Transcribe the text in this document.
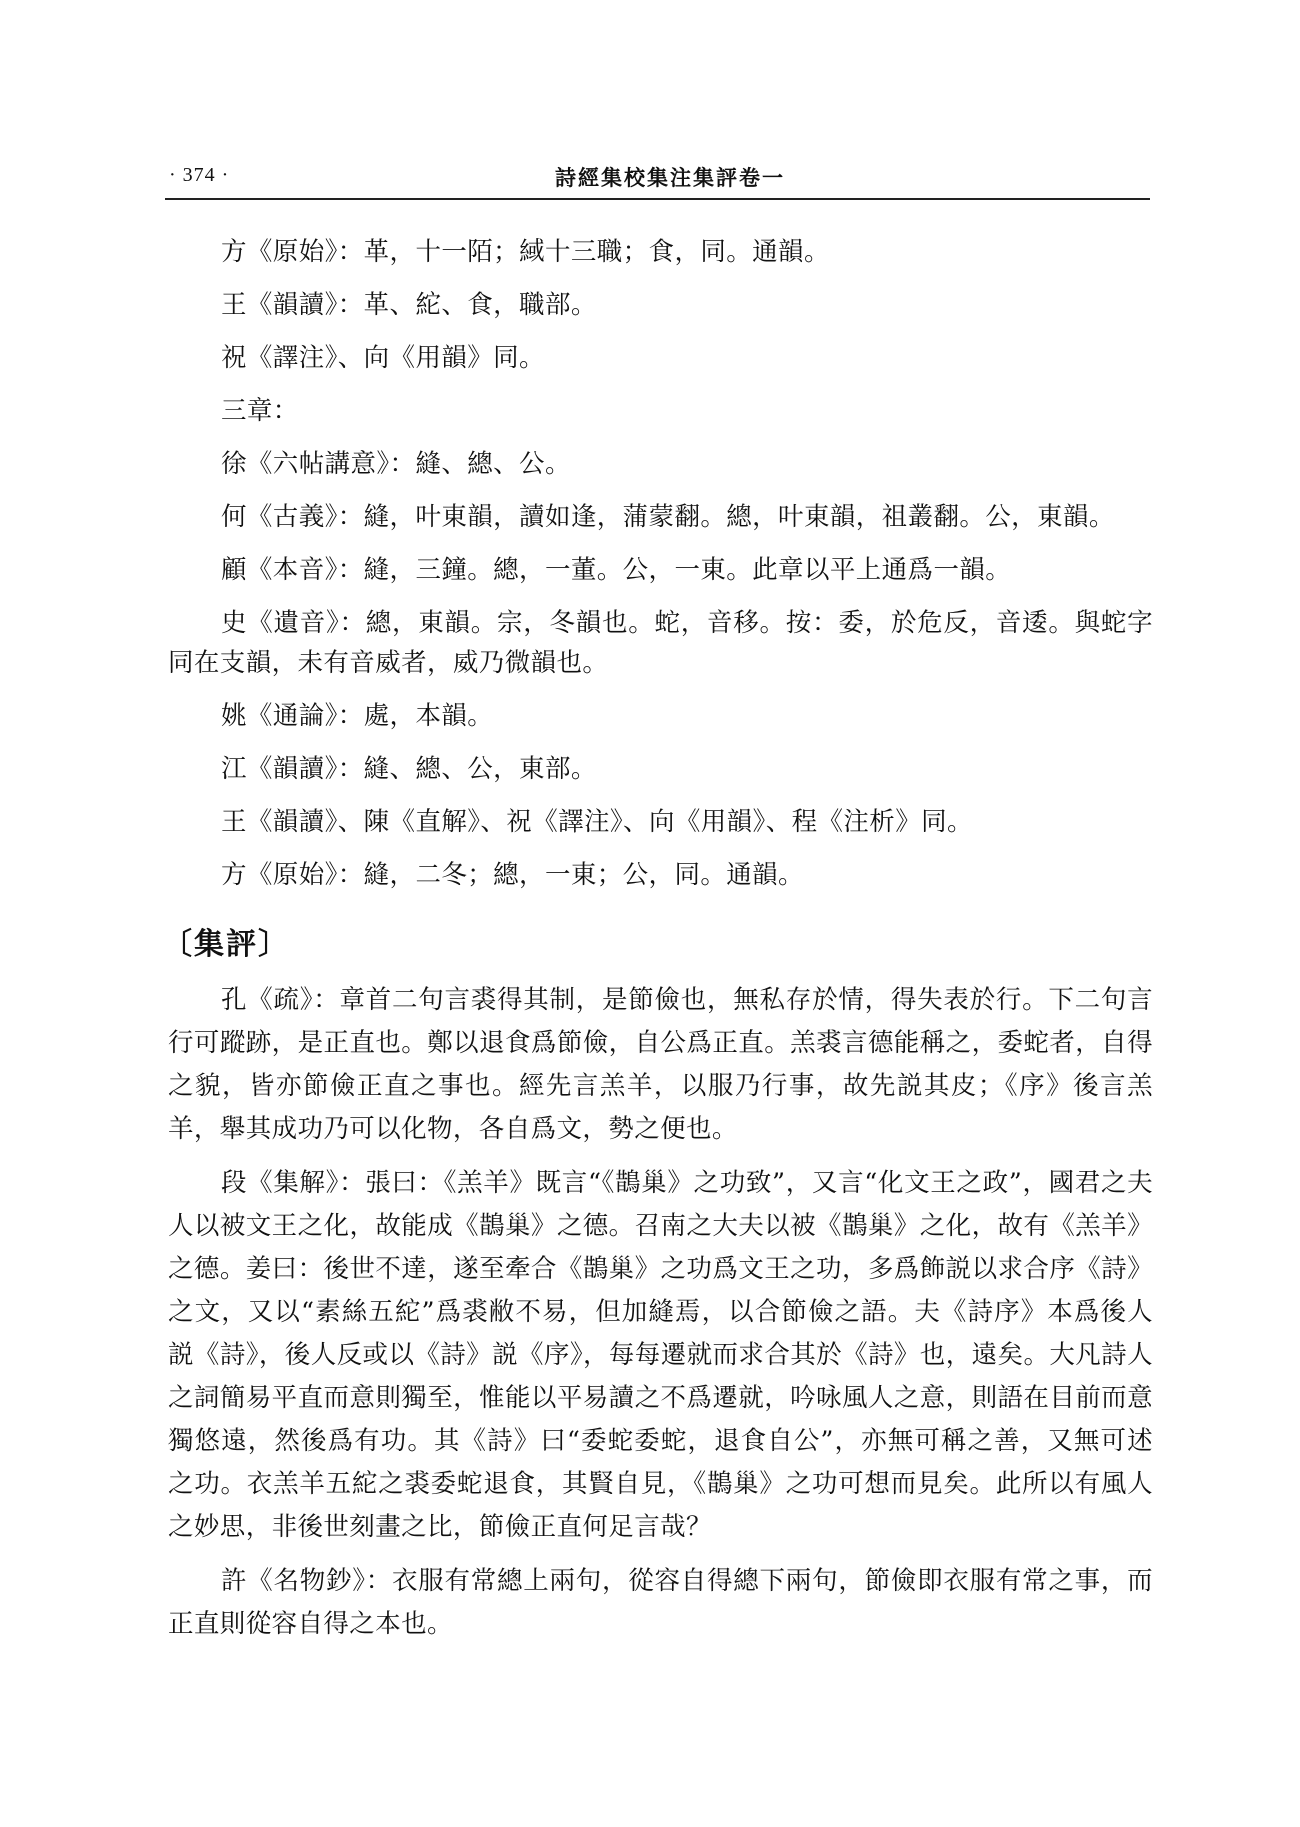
· 374 ·	詩經集校集注集評卷一

方《原始》：革，十一陌；緎十三職；食，同。通韻。

王《韻讀》：革、紽、食，職部。

祝《譯注》、向《用韻》同。

三章：

徐《六帖講意》：縫、總、公。

何《古義》：縫，叶東韻，讀如逢，蒲蒙翻。總，叶東韻，祖叢翻。公，東韻。

顧《本音》：縫，三鐘。總，一董。公，一東。此章以平上通爲一韻。

史《遺音》：總，東韻。宗，冬韻也。蛇，音移。按：委，於危反，音逶。與蛇字同在支韻，未有音威者，威乃微韻也。

姚《通論》：處，本韻。

江《韻讀》：縫、總、公，東部。

王《韻讀》、陳《直解》、祝《譯注》、向《用韻》、程《注析》同。

方《原始》：縫，二冬；總，一東；公，同。通韻。

〔集評〕

孔《疏》：章首二句言裘得其制，是節儉也，無私存於情，得失表於行。下二句言行可蹤跡，是正直也。鄭以退食爲節儉，自公爲正直。羔裘言德能稱之，委蛇者，自得之貌，皆亦節儉正直之事也。經先言羔羊，以服乃行事，故先説其皮；《序》後言羔羊，舉其成功乃可以化物，各自爲文，勢之便也。

段《集解》：張曰：《羔羊》既言“《鵲巢》之功致”，又言“化文王之政”，國君之夫人以被文王之化，故能成《鵲巢》之德。召南之大夫以被《鵲巢》之化，故有《羔羊》之德。姜曰：後世不達，遂至牽合《鵲巢》之功爲文王之功，多爲飾説以求合序《詩》之文，又以“素絲五紽”爲裘敝不易，但加縫焉，以合節儉之語。夫《詩序》本爲後人説《詩》，後人反或以《詩》説《序》，每每遷就而求合其於《詩》也，遠矣。大凡詩人之詞簡易平直而意則獨至，惟能以平易讀之不爲遷就，吟咏風人之意，則語在目前而意獨悠遠，然後爲有功。其《詩》曰“委蛇委蛇，退食自公”，亦無可稱之善，又無可述之功。衣羔羊五紽之裘委蛇退食，其賢自見，《鵲巢》之功可想而見矣。此所以有風人之妙思，非後世刻畫之比，節儉正直何足言哉？

許《名物鈔》：衣服有常總上兩句，從容自得總下兩句，節儉即衣服有常之事，而正直則從容自得之本也。
